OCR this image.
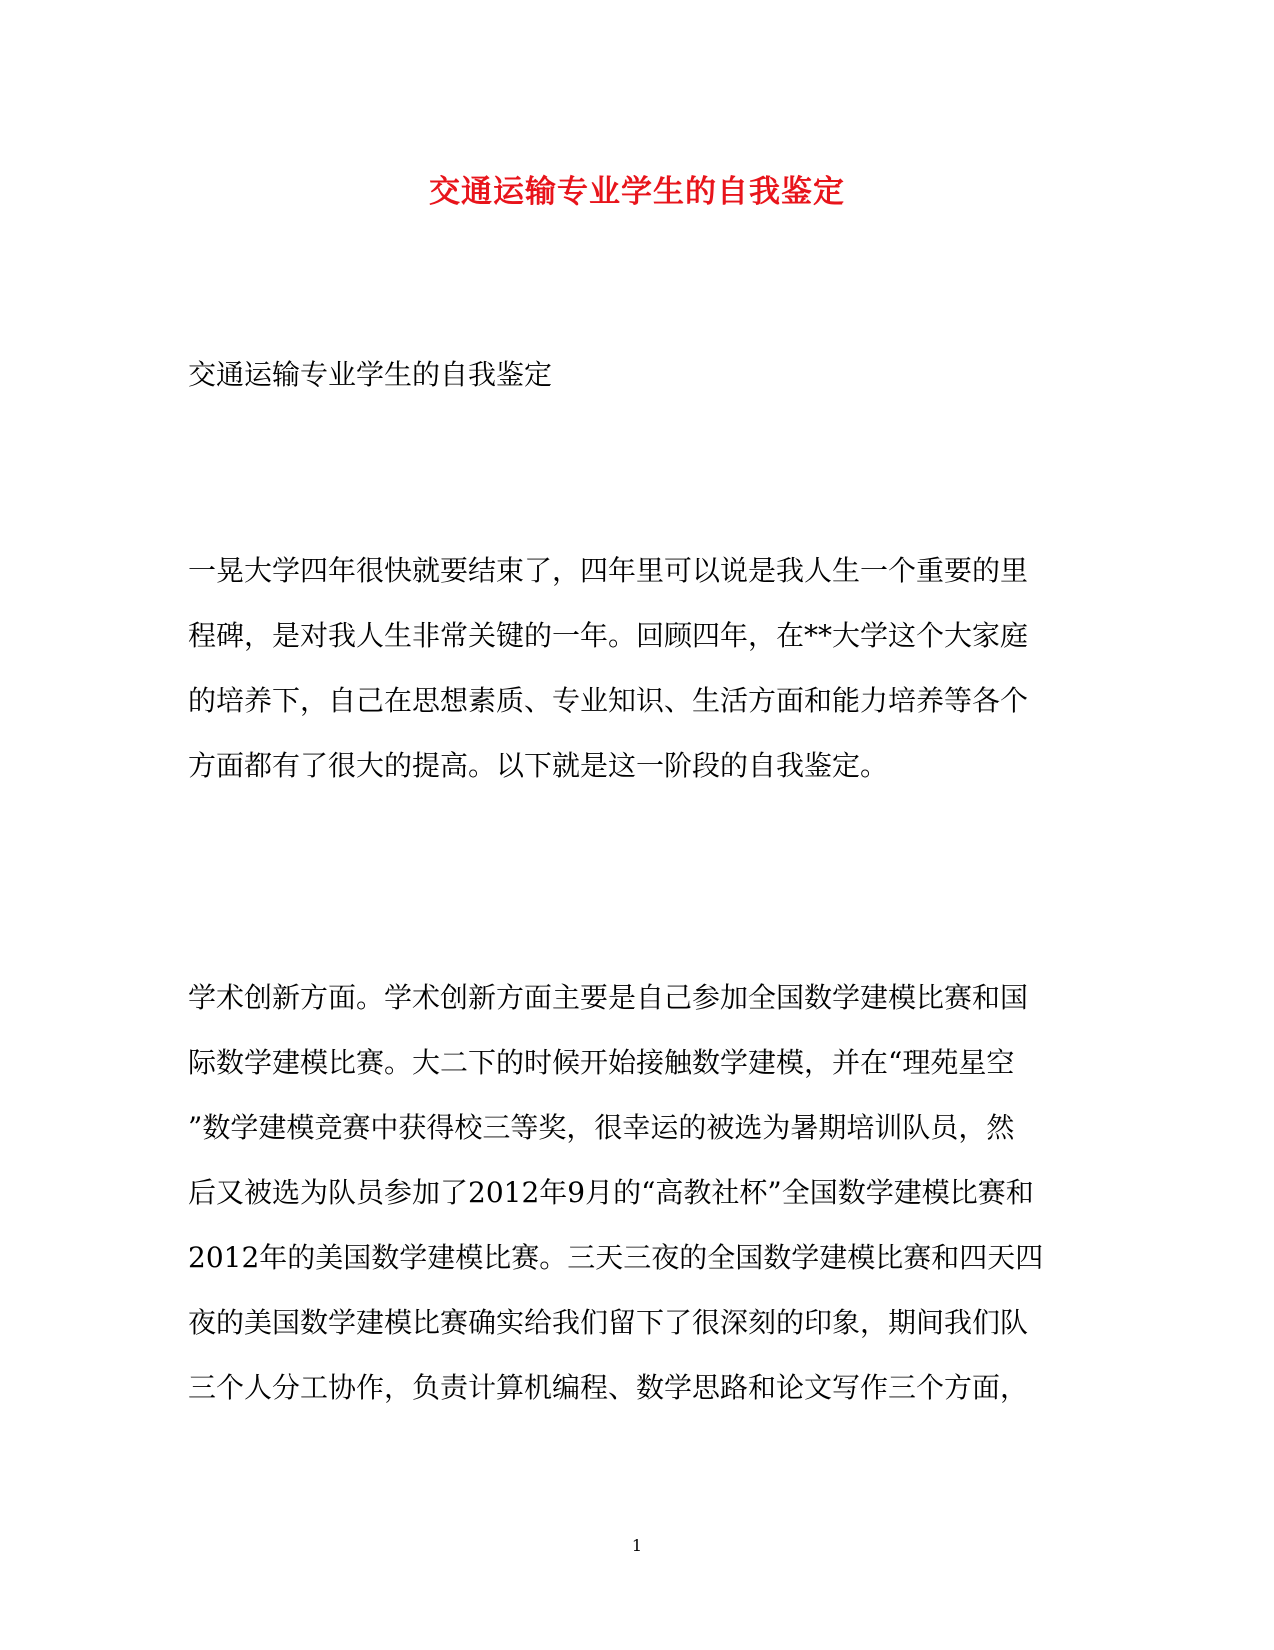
交通运输专业学生的自我鉴定

交通运输专业学生的自我鉴定

一晃大学四年很快就要结束了，四年里可以说是我人生一个重要的里
程碑，是对我人生非常关键的一年。回顾四年，在**大学这个大家庭
的培养下，自己在思想素质、专业知识、生活方面和能力培养等各个
方面都有了很大的提高。以下就是这一阶段的自我鉴定。
学术创新方面。学术创新方面主要是自己参加全国数学建模比赛和国
际数学建模比赛。大二下的时候开始接触数学建模，并在“理苑星空
”数学建模竞赛中获得校三等奖，很幸运的被选为暑期培训队员，然
后又被选为队员参加了2012年9月的“高教社杯”全国数学建模比赛和
2012年的美国数学建模比赛。三天三夜的全国数学建模比赛和四天四
夜的美国数学建模比赛确实给我们留下了很深刻的印象，期间我们队
三个人分工协作，负责计算机编程、数学思路和论文写作三个方面，
1
